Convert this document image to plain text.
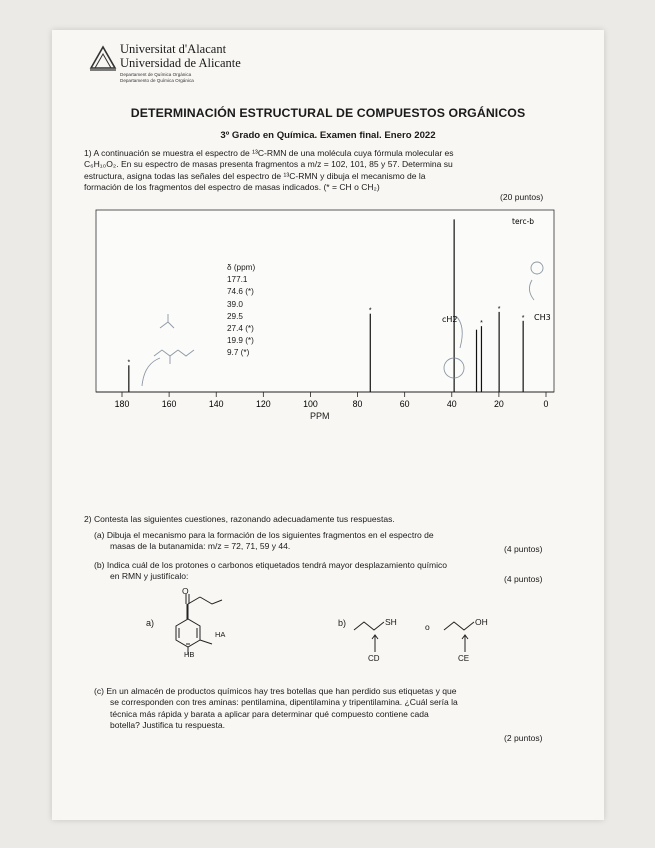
Universitat d'Alacant
Universidad de Alicante
Departament de Química Orgànica
Departamento de Química Orgánica
DETERMINACIÓN ESTRUCTURAL DE COMPUESTOS ORGÁNICOS
3º Grado en Química. Examen final. Enero 2022
1) A continuación se muestra el espectro de ¹³C-RMN de una molécula cuya fórmula molecular es
C₆H₁₀O₂. En su espectro de masas presenta fragmentos a m/z = 102, 101, 85 y 57. Determina su
estructura, asigna todas las señales del espectro de ¹³C-RMN y dibuja el mecanismo de la
formación de los fragmentos del espectro de masas indicados. (* = CH o CH₂)
(20 puntos)
*
*
*
*
*
180	160	140	120	100	80	60	40	20	0
cH2	CH3
terc-b
δ (ppm)
177.1
74.6 (*)
39.0
29.5
27.4 (*)
19.9 (*)
9.7 (*)
PPM
2) Contesta las siguientes cuestiones, razonando adecuadamente tus respuestas.
(a) Dibuja el mecanismo para la formación de los siguientes fragmentos en el espectro de
masas de la butanamida: m/z = 72, 71, 59 y 44.	(4 puntos)
(b) Indica cuál de los protones o carbonos etiquetados tendrá mayor desplazamiento químico
en RMN y justifícalo:	(4 puntos)
a)
O
HA
HB
b)	SH	o	OH
CD	CE
(c) En un almacén de productos químicos hay tres botellas que han perdido sus etiquetas y que
se corresponden con tres aminas: pentilamina, dipentilamina y tripentilamina. ¿Cuál sería la
técnica más rápida y barata a aplicar para determinar qué compuesto contiene cada
botella? Justifica tu respuesta.
(2 puntos)
